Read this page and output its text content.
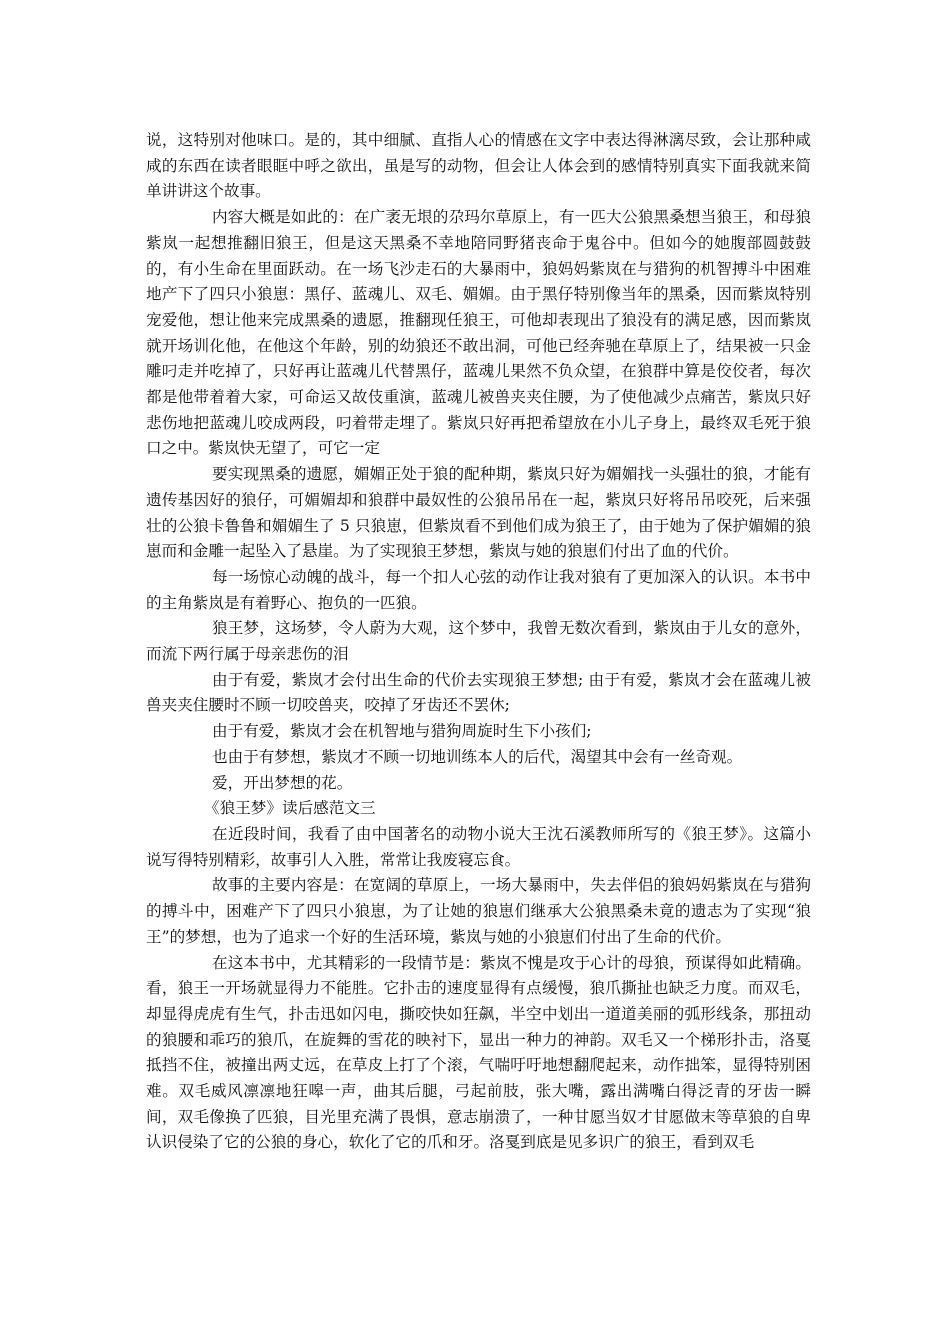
说，这特别对他味口。是的，其中细腻、直指人心的情感在文字中表达得淋漓尽致，会让那种咸咸的东西在读者眼眶中呼之欲出，虽是写的动物，但会让人体会到的感情特别真实下面我就来简单讲讲这个故事。

内容大概是如此的：在广袤无垠的尕玛尔草原上，有一匹大公狼黑桑想当狼王，和母狼紫岚一起想推翻旧狼王，但是这天黑桑不幸地陪同野猪丧命于鬼谷中。但如今的她腹部圆鼓鼓的，有小生命在里面跃动。在一场飞沙走石的大暴雨中，狼妈妈紫岚在与猎狗的机智搏斗中困难地产下了四只小狼崽：黑仔、蓝魂儿、双毛、媚媚。由于黑仔特别像当年的黑桑，因而紫岚特别宠爱他，想让他来完成黑桑的遗愿，推翻现任狼王，可他却表现出了狼没有的满足感，因而紫岚就开场训化他，在他这个年龄，别的幼狼还不敢出洞，可他已经奔驰在草原上了，结果被一只金雕叼走并吃掉了，只好再让蓝魂儿代替黑仔，蓝魂儿果然不负众望，在狼群中算是佼佼者，每次都是他带着着大家，可命运又故伎重演，蓝魂儿被兽夹夹住腰，为了使他减少点痛苦，紫岚只好悲伤地把蓝魂儿咬成两段，叼着带走埋了。紫岚只好再把希望放在小儿子身上，最终双毛死于狼口之中。紫岚快无望了，可它一定

要实现黑桑的遗愿，媚媚正处于狼的配种期，紫岚只好为媚媚找一头强壮的狼，才能有遗传基因好的狼仔，可媚媚却和狼群中最奴性的公狼吊吊在一起，紫岚只好将吊吊咬死，后来强壮的公狼卡鲁鲁和媚媚生了 5 只狼崽，但紫岚看不到他们成为狼王了，由于她为了保护媚媚的狼崽而和金雕一起坠入了悬崖。为了实现狼王梦想，紫岚与她的狼崽们付出了血的代价。

每一场惊心动魄的战斗，每一个扣人心弦的动作让我对狼有了更加深入的认识。本书中的主角紫岚是有着野心、抱负的一匹狼。

狼王梦，这场梦，令人蔚为大观，这个梦中，我曾无数次看到，紫岚由于儿女的意外，而流下两行属于母亲悲伤的泪

由于有爱，紫岚才会付出生命的代价去实现狼王梦想; 由于有爱，紫岚才会在蓝魂儿被兽夹夹住腰时不顾一切咬兽夹，咬掉了牙齿还不罢休;

由于有爱，紫岚才会在机智地与猎狗周旋时生下小孩们;

也由于有梦想，紫岚才不顾一切地训练本人的后代，渴望其中会有一丝奇观。

爱，开出梦想的花。

《狼王梦》读后感范文三

在近段时间，我看了由中国著名的动物小说大王沈石溪教师所写的《狼王梦》。这篇小说写得特别精彩，故事引人入胜，常常让我废寝忘食。

故事的主要内容是：在宽阔的草原上，一场大暴雨中，失去伴侣的狼妈妈紫岚在与猎狗的搏斗中，困难产下了四只小狼崽，为了让她的狼崽们继承大公狼黑桑未竟的遗志为了实现“狼王”的梦想，也为了追求一个好的生活环境，紫岚与她的小狼崽们付出了生命的代价。

在这本书中，尤其精彩的一段情节是：紫岚不愧是攻于心计的母狼，预谋得如此精确。看，狼王一开场就显得力不能胜。它扑击的速度显得有点缓慢，狼爪撕扯也缺乏力度。而双毛，却显得虎虎有生气，扑击迅如闪电，撕咬快如狂飙，半空中划出一道道美丽的弧形线条，那扭动的狼腰和乖巧的狼爪，在旋舞的雪花的映衬下，显出一种力的神韵。双毛又一个梯形扑击，洛戛抵挡不住，被撞出两丈远，在草皮上打了个滚，气喘吁吁地想翻爬起来，动作拙笨，显得特别困难。双毛威风凛凛地狂嗥一声，曲其后腿，弓起前肢，张大嘴，露出满嘴白得泛青的牙齿一瞬间，双毛像换了匹狼，目光里充满了畏惧，意志崩溃了，一种甘愿当奴才甘愿做末等草狼的自卑认识侵染了它的公狼的身心，软化了它的爪和牙。洛戛到底是见多识广的狼王，看到双毛
